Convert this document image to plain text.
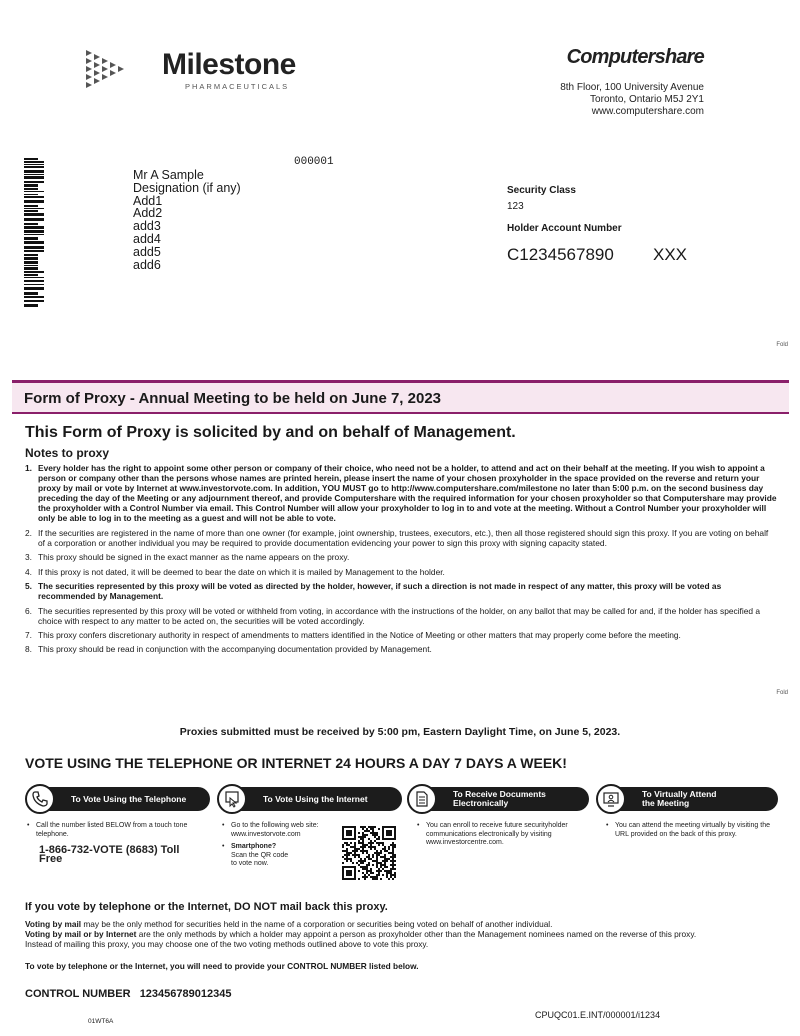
Milestone
PHARMACEUTICALS
Computershare
8th Floor, 100 University Avenue
Toronto, Ontario M5J 2Y1
www.computershare.com
000001
Mr A Sample
Designation (if any)
Add1
Add2
add3
add4
add5
add6
Security Class
123
Holder Account Number
C1234567890 XXX
Fold
Form of Proxy - Annual Meeting to be held on June 7, 2023
This Form of Proxy is solicited by and on behalf of Management.
Notes to proxy
1. Every holder has the right to appoint some other person or company of their choice, who need not be a holder, to attend and act on their behalf at the meeting. If you wish to appoint a person or company other than the persons whose names are printed herein, please insert the name of your chosen proxyholder in the space provided on the reverse and return your proxy by mail or vote by Internet at www.investorvote.com. In addition, YOU MUST go to http://www.computershare.com/milestone no later than 5:00 p.m. on the second business day preceding the day of the Meeting or any adjournment thereof, and provide Computershare with the required information for your chosen proxyholder so that Computershare may provide the proxyholder with a Control Number via email. This Control Number will allow your proxyholder to log in to and vote at the meeting. Without a Control Number your proxyholder will only be able to log in to the meeting as a guest and will not be able to vote.
2. If the securities are registered in the name of more than one owner (for example, joint ownership, trustees, executors, etc.), then all those registered should sign this proxy. If you are voting on behalf of a corporation or another individual you may be required to provide documentation evidencing your power to sign this proxy with signing capacity stated.
3. This proxy should be signed in the exact manner as the name appears on the proxy.
4. If this proxy is not dated, it will be deemed to bear the date on which it is mailed by Management to the holder.
5. The securities represented by this proxy will be voted as directed by the holder, however, if such a direction is not made in respect of any matter, this proxy will be voted as recommended by Management.
6. The securities represented by this proxy will be voted or withheld from voting, in accordance with the instructions of the holder, on any ballot that may be called for and, if the holder has specified a choice with respect to any matter to be acted on, the securities will be voted accordingly.
7. This proxy confers discretionary authority in respect of amendments to matters identified in the Notice of Meeting or other matters that may properly come before the meeting.
8. This proxy should be read in conjunction with the accompanying documentation provided by Management.
Fold
Proxies submitted must be received by 5:00 pm, Eastern Daylight Time, on June 5, 2023.
VOTE USING THE TELEPHONE OR INTERNET 24 HOURS A DAY 7 DAYS A WEEK!
To Vote Using the Telephone	To Vote Using the Internet	To Receive Documents
Electronically
To Virtually Attend
the Meeting
• Call the number listed BELOW from a touch tone telephone.
1-866-732-VOTE (8683) Toll Free
• Go to the following web site:
www.investorvote.com
• Smartphone?
Scan the QR code
to vote now.
• You can enroll to receive future securityholder communications electronically by visiting www.investorcentre.com.
• You can attend the meeting virtually by visiting the URL provided on the back of this proxy.
If you vote by telephone or the Internet, DO NOT mail back this proxy.
Voting by mail may be the only method for securities held in the name of a corporation or securities being voted on behalf of another individual.
Voting by mail or by Internet are the only methods by which a holder may appoint a person as proxyholder other than the Management nominees named on the reverse of this proxy.
Instead of mailing this proxy, you may choose one of the two voting methods outlined above to vote this proxy.
To vote by telephone or the Internet, you will need to provide your CONTROL NUMBER listed below.
CONTROL NUMBER 123456789012345
01WT6A
CPUQC01.E.INT/000001/i1234
